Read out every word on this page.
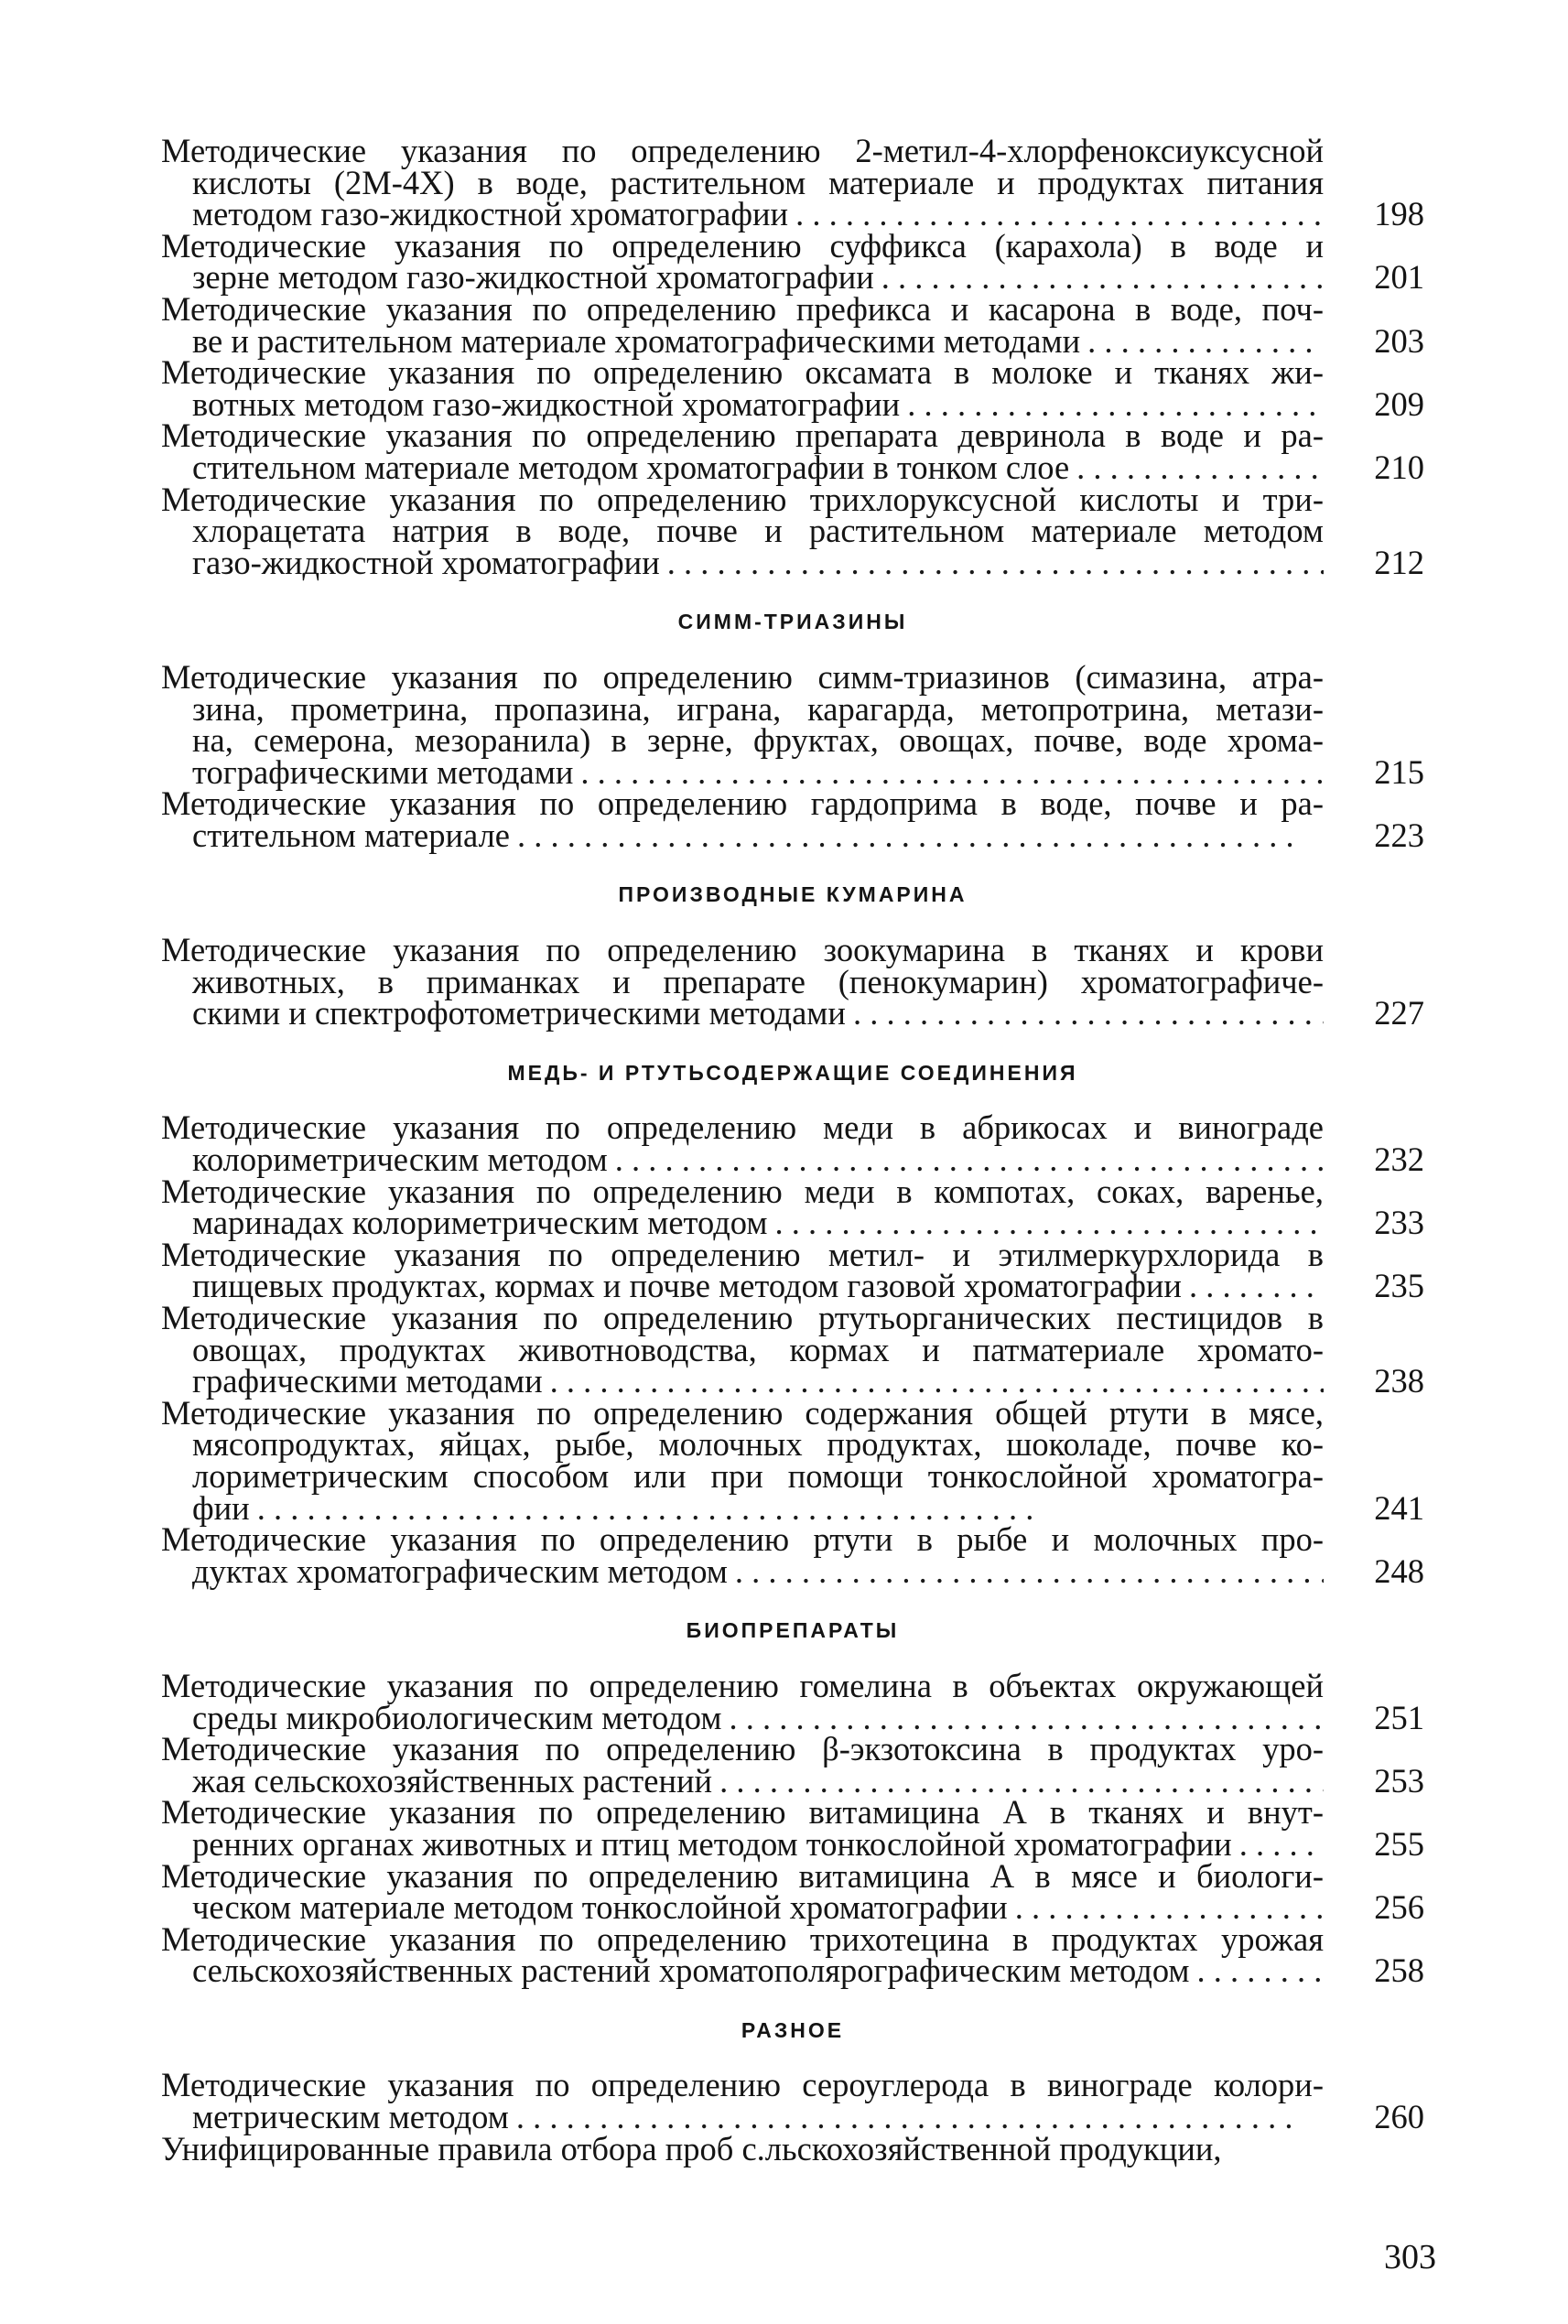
Методические указания по определению 2-метил-4-хлорфеноксиуксусной
кислоты (2М-4Х) в воде, растительном материале и продуктах питания
методом газо-жидкостной хроматографии . . .	198
Методические указания по определению суффикса (карахола) в воде и
зерне методом газо-жидкостной хроматографии . . .	201
Методические указания по определению префикса и касарона в воде, поч-
ве и растительном материале хроматографическими методами . . .	203
Методические указания по определению оксамата в молоке и тканях жи-
вотных методом газо-жидкостной хроматографии . . .	209
Методические указания по определению препарата девринола в воде и ра-
стительном материале методом хроматографии в тонком слое . . .	210
Методические указания по определению трихлоруксусной кислоты и три-
хлорацетата натрия в воде, почве и растительном материале методом
газо-жидкостной хроматографии . . .	212
СИММ-ТРИАЗИНЫ
Методические указания по определению симм-триазинов (симазина, атра-
зина, прометрина, пропазина, играна, карагарда, метопротрина, метази-
на, семерона, мезоранила) в зерне, фруктах, овощах, почве, воде хрома-
тографическими методами . . .	215
Методические указания по определению гардоприма в воде, почве и ра-
стительном материале . . .	223
ПРОИЗВОДНЫЕ КУМАРИНА
Методические указания по определению зоокумарина в тканях и крови
животных, в приманках и препарате (пенокумарин) хроматографиче-
скими и спектрофотометрическими методами . . .	227
МЕДЬ- И РТУТЬСОДЕРЖАЩИЕ СОЕДИНЕНИЯ
Методические указания по определению меди в абрикосах и винограде
колориметрическим методом . . .	232
Методические указания по определению меди в компотах, соках, варенье,
маринадах колориметрическим методом . . .	233
Методические указания по определению метил- и этилмеркурхлорида в
пищевых продуктах, кормах и почве методом газовой хроматографии . . .	235
Методические указания по определению ртутьорганических пестицидов в
овощах, продуктах животноводства, кормах и патматериале хромато-
графическими методами . . .	238
Методические указания по определению содержания общей ртути в мясе,
мясопродуктах, яйцах, рыбе, молочных продуктах, шоколаде, почве ко-
лориметрическим способом или при помощи тонкослойной хроматогра-
фии . . .	241
Методические указания по определению ртути в рыбе и молочных про-
дуктах хроматографическим методом . . .	248
БИОПРЕПАРАТЫ
Методические указания по определению гомелина в объектах окружающей
среды микробиологическим методом . . .	251
Методические указания по определению β-экзотоксина в продуктах уро-
жая сельскохозяйственных растений . . .	253
Методические указания по определению витамицина А в тканях и внут-
ренних органах животных и птиц методом тонкослойной хроматографии . . .	255
Методические указания по определению витамицина А в мясе и биологи-
ческом материале методом тонкослойной хроматографии . . .	256
Методические указания по определению трихотецина в продуктах урожая
сельскохозяйственных растений хроматополярографическим методом . . .	258
РАЗНОЕ
Методические указания по определению сероуглерода в винограде колори-
метрическим методом . . .	260
Унифицированные правила отбора проб с.льскохозяйственной продукции,
303
